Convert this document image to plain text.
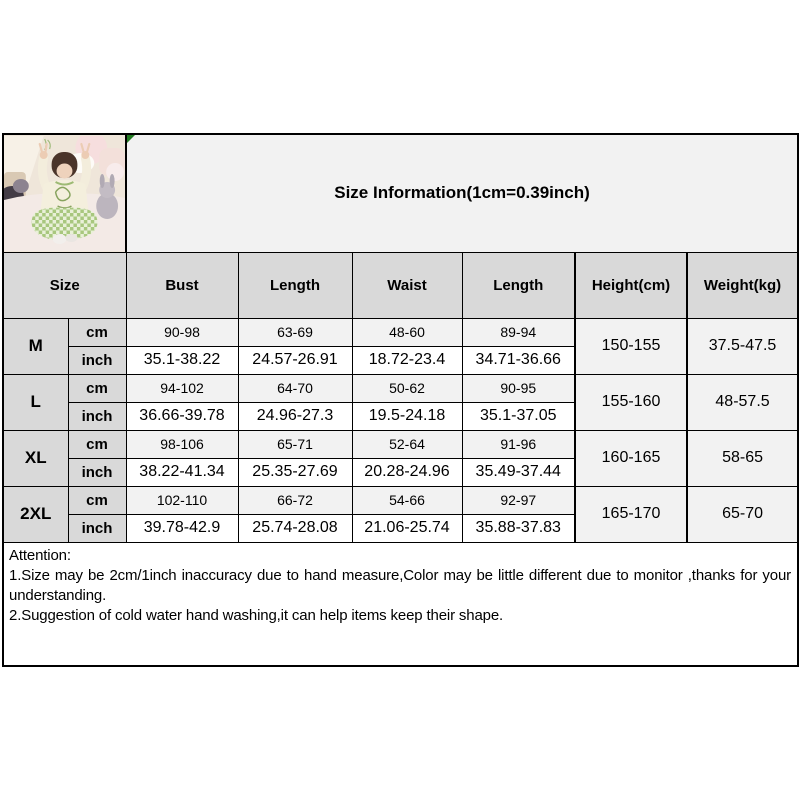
Size Information(1cm=0.39inch)					
Size		Bust	Length	Waist	Length	Height(cm)	Weight(kg)
M	cm	90-98	63-69	48-60	89-94	150-155	37.5-47.5
	inch	35.1-38.22	24.57-26.91	18.72-23.4	34.71-36.66		
L	cm	94-102	64-70	50-62	90-95	155-160	48-57.5
	inch	36.66-39.78	24.96-27.3	19.5-24.18	35.1-37.05		
XL	cm	98-106	65-71	52-64	91-96	160-165	58-65
	inch	38.22-41.34	25.35-27.69	20.28-24.96	35.49-37.44		
2XL	cm	102-110	66-72	54-66	92-97	165-170	65-70
	inch	39.78-42.9	25.74-28.08	21.06-25.74	35.88-37.83		

Attention:

1.Size may be 2cm/1inch inaccuracy due to hand measure,Color may be little different due to monitor ,thanks for your understanding.

2.Suggestion of cold water hand washing,it can help items keep their shape.
